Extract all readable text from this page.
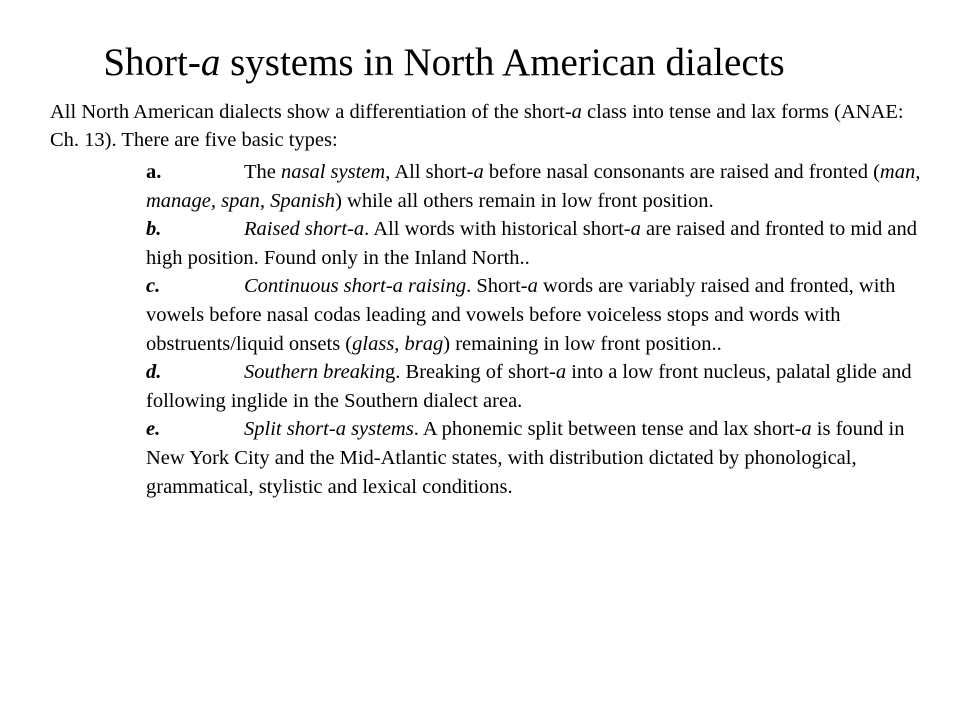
Short-a systems in North American dialects
All North American dialects show a differentiation of the short-a class into tense and lax forms (ANAE: Ch. 13). There are five basic types:

a.	The nasal system, All short-a before nasal consonants are raised and fronted (man, manage, span, Spanish) while all others remain in low front position.

b.	Raised short-a. All words with historical short-a are raised and fronted to mid and high position. Found only in the Inland North..

c.	Continuous short-a raising. Short-a words are variably raised and fronted, with vowels before nasal codas leading and vowels before voiceless stops and words with obstruents/liquid onsets (glass, brag) remaining in low front position..

d.	Southern breaking. Breaking of short-a into a low front nucleus, palatal glide and following inglide in the Southern dialect area.

e.	Split short-a systems. A phonemic split between tense and lax short-a is found in New York City and the Mid-Atlantic states, with distribution dictated by phonological, grammatical, stylistic and lexical conditions.
